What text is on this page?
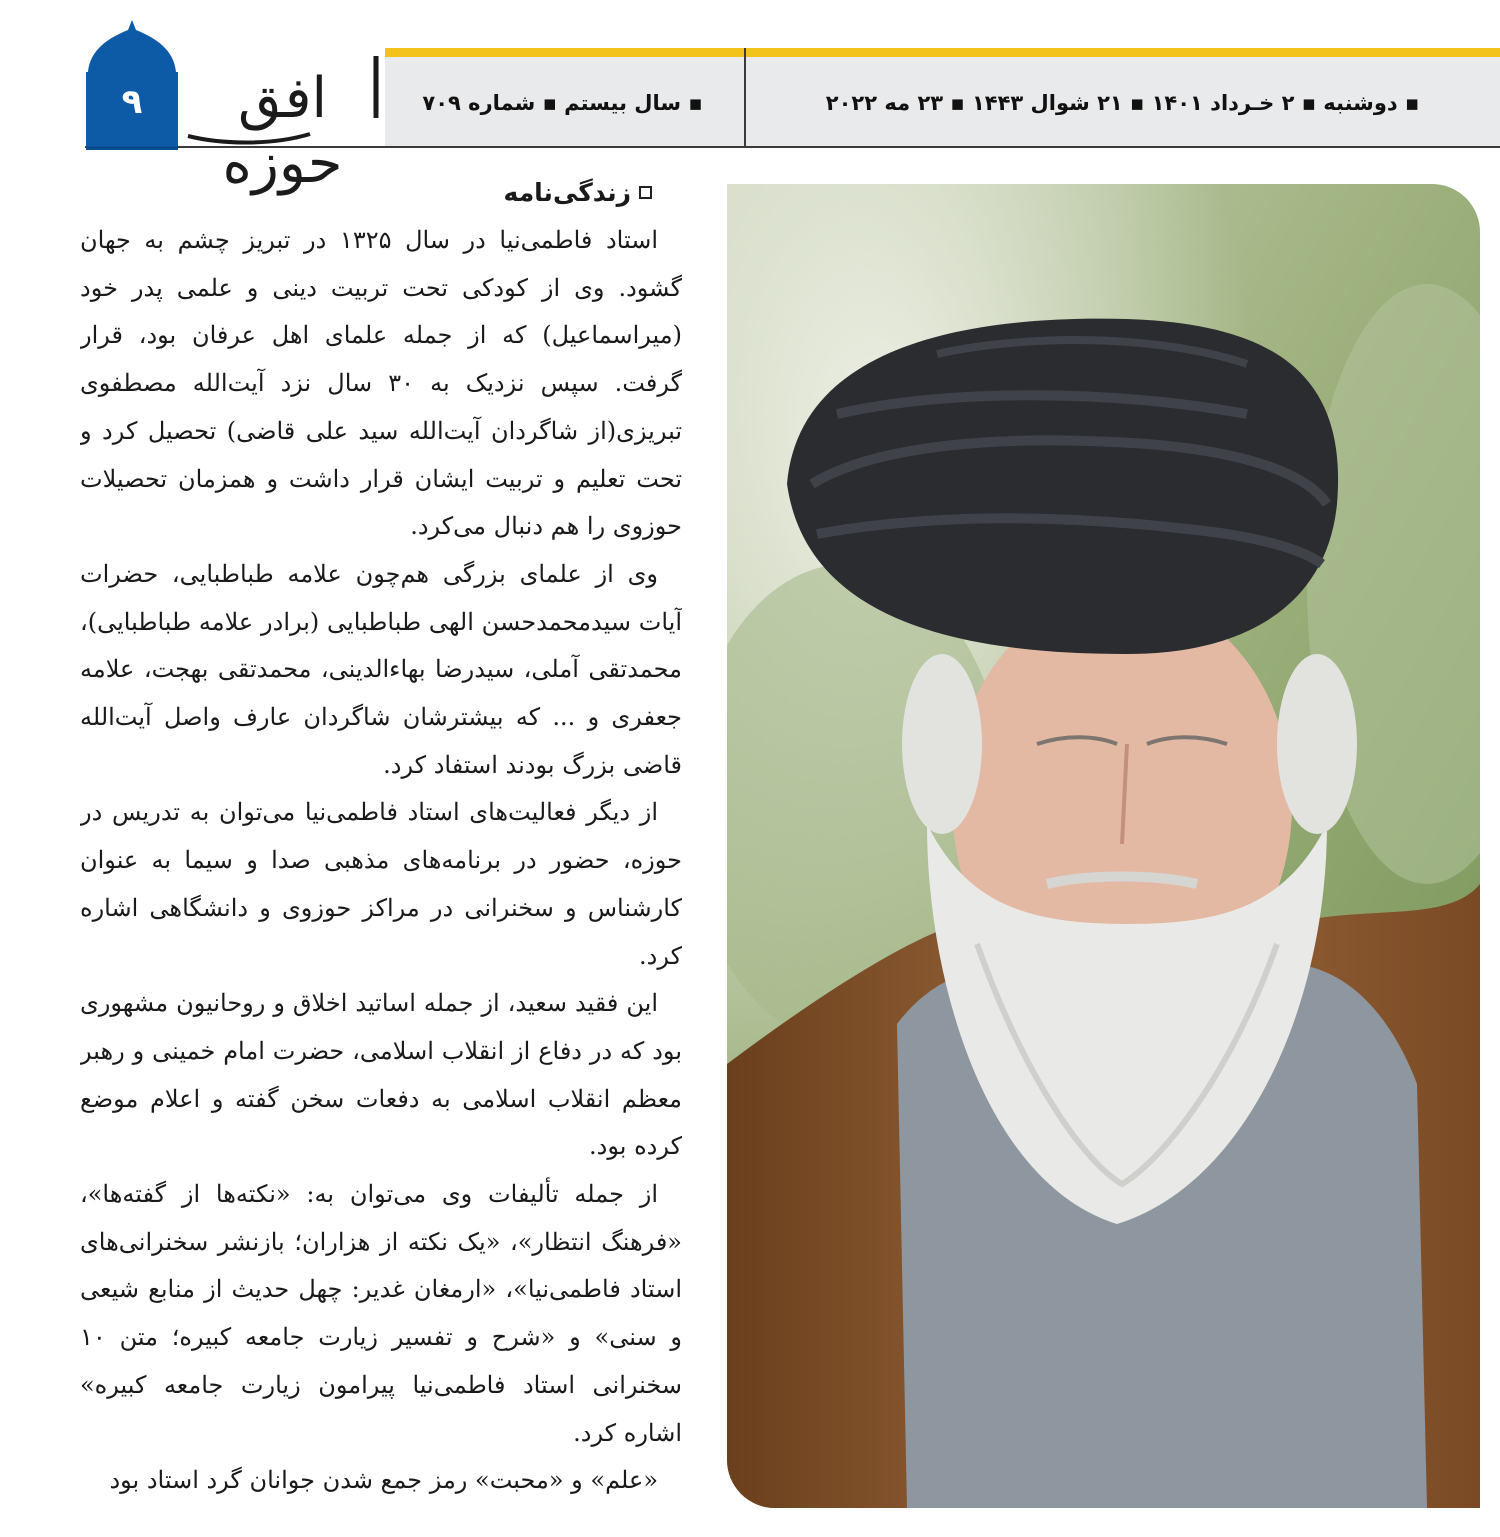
▪ سال بیستم ▪ شماره ۷۰۹	▪ دوشنبه ▪ ۲ خـرداد ۱۴۰۱ ▪ ۲۱ شوال ۱۴۴۳ ▪ ۲۳ مه ۲۰۲۲
۹	افق حوزه	زندگی‌نامه

استاد فاطمی‌نیا در سال ۱۳۲۵ در تبریز چشم به جهان گشود. وی از کودکی تحت تربیت دینی و علمی پدر خود (میراسماعیل) که از جمله علمای اهل عرفان بود، قرار گرفت. سپس نزدیک به ۳۰ سال نزد آیت‌الله مصطفوی تبریزی(از شاگردان آیت‌الله سید علی قاضی) تحصیل کرد و تحت تعلیم و تربیت ایشان قرار داشت و همزمان تحصیلات حوزوی را هم دنبال می‌کرد.

وی از علمای بزرگی هم‌چون علامه طباطبایی، حضرات آیات سیدمحمدحسن الهی طباطبایی (برادر علامه طباطبایی)، محمدتقی آملی، سیدرضا بهاءالدینی، محمدتقی بهجت، علامه جعفری و ... که بیشترشان شاگردان عارف واصل آیت‌الله قاضی بزرگ بودند استفاد کرد.

از دیگر فعالیت‌های استاد فاطمی‌نیا می‌توان به تدریس در حوزه، حضور در برنامه‌های مذهبی صدا و سیما به عنوان کارشناس و سخنرانی در مراکز حوزوی و دانشگاهی اشاره کرد.

این فقید سعید، از جمله اساتید اخلاق و روحانیون مشهوری بود که در دفاع از انقلاب اسلامی، حضرت امام خمینی و رهبر معظم انقلاب اسلامی به دفعات سخن گفته و اعلام موضع کرده بود.

از جمله تألیفات وی می‌توان به: «نکته‌ها از گفته‌ها»، «فرهنگ انتظار»، «یک نکته از هزاران؛ بازنشر سخنرانی‌های استاد فاطمی‌نیا»، «ارمغان غدیر: چهل حدیث از منابع شیعی و سنی» و «شرح و تفسیر زیارت جامعه کبیره؛ متن ۱۰ سخنرانی استاد فاطمی‌نیا پیرامون زیارت جامعه کبیره» اشاره کرد.

«علم» و «محبت» رمز جمع شدن جوانان گرد استاد بود
